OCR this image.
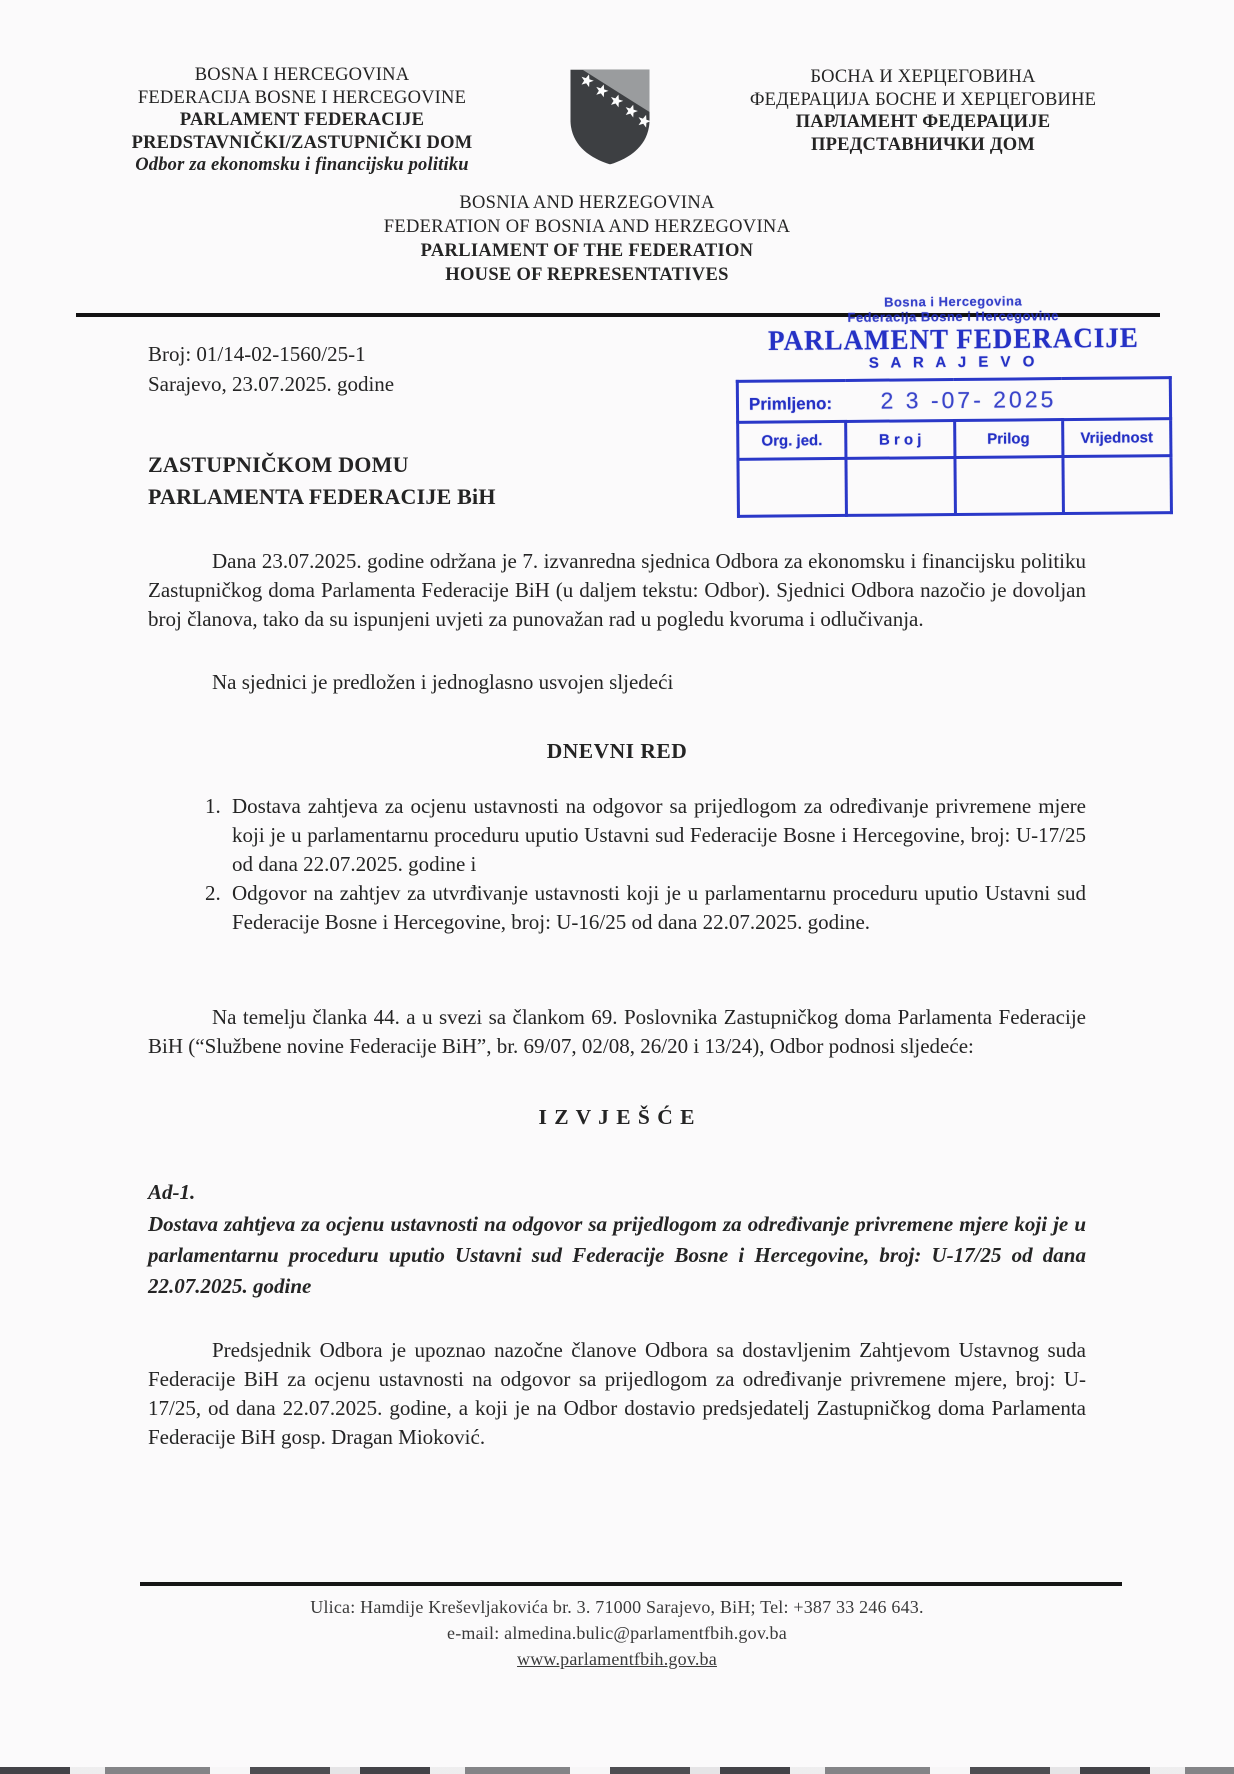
BOSNA I HERCEGOVINA
FEDERACIJA BOSNE I HERCEGOVINE
PARLAMENT FEDERACIJE
PREDSTAVNIČKI/ZASTUPNIČKI DOM
Odbor za ekonomsku i financijsku politiku
БОСНА И ХЕРЦЕГОВИНА
ФЕДЕРАЦИЈА БОСНЕ И ХЕРЦЕГОВИНЕ
ПАРЛАМЕНТ ФЕДЕРАЦИЈЕ
ПРЕДСТАВНИЧКИ ДОМ
BOSNIA AND HERZEGOVINA
FEDERATION OF BOSNIA AND HERZEGOVINA
PARLIAMENT OF THE FEDERATION
HOUSE OF REPRESENTATIVES
Broj: 01/14-02-1560/25-1
Sarajevo, 23.07.2025. godine
Bosna i Hercegovina
Federacija Bosne i Hercegovine
PARLAMENT FEDERACIJE
S A R A J E V O
Primljeno: 2 3 -07- 2025			
Org. jed.	B r o j	Prilog	Vrijednost

ZASTUPNIČKOM DOMU
PARLAMENTA FEDERACIJE BiH

Dana 23.07.2025. godine održana je 7. izvanredna sjednica Odbora za ekonomsku i financijsku politiku Zastupničkog doma Parlamenta Federacije BiH (u daljem tekstu: Odbor). Sjednici Odbora nazočio je dovoljan broj članova, tako da su ispunjeni uvjeti za punovažan rad u pogledu kvoruma i odlučivanja.

Na sjednici je predložen i jednoglasno usvojen sljedeći

DNEVNI RED
1. Dostava zahtjeva za ocjenu ustavnosti na odgovor sa prijedlogom za određivanje privremene mjere koji je u parlamentarnu proceduru uputio Ustavni sud Federacije Bosne i Hercegovine, broj: U-17/25 od dana 22.07.2025. godine i
2. Odgovor na zahtjev za utvrđivanje ustavnosti koji je u parlamentarnu proceduru uputio Ustavni sud Federacije Bosne i Hercegovine, broj: U-16/25 od dana 22.07.2025. godine.

Na temelju članka 44. a u svezi sa člankom 69. Poslovnika Zastupničkog doma Parlamenta Federacije BiH (“Službene novine Federacije BiH”, br. 69/07, 02/08, 26/20 i 13/24), Odbor podnosi sljedeće:

I Z V J E Š Ć E
Ad-1.
Dostava zahtjeva za ocjenu ustavnosti na odgovor sa prijedlogom za određivanje privremene mjere koji je u parlamentarnu proceduru uputio Ustavni sud Federacije Bosne i Hercegovine, broj: U-17/25 od dana 22.07.2025. godine

Predsjednik Odbora je upoznao nazočne članove Odbora sa dostavljenim Zahtjevom Ustavnog suda Federacije BiH za ocjenu ustavnosti na odgovor sa prijedlogom za određivanje privremene mjere, broj: U-17/25, od dana 22.07.2025. godine, a koji je na Odbor dostavio predsjedatelj Zastupničkog doma Parlamenta Federacije BiH gosp. Dragan Mioković.

Ulica: Hamdije Kreševljakovića br. 3. 71000 Sarajevo, BiH; Tel: +387 33 246 643.
e-mail: almedina.bulic@parlamentfbih.gov.ba
www.parlamentfbih.gov.ba
